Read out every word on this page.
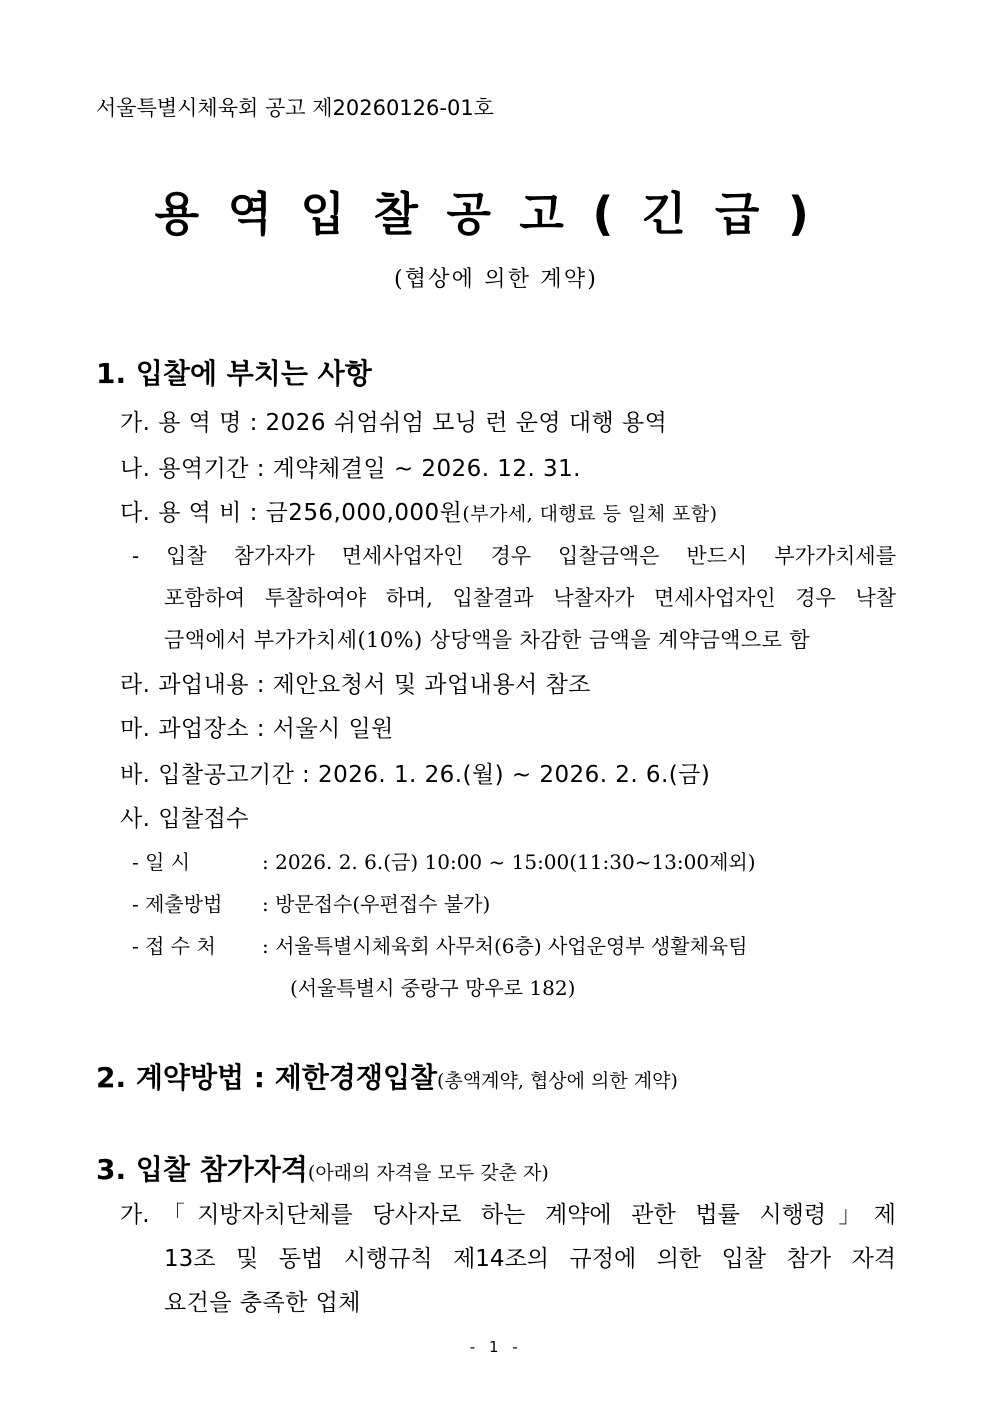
서울특별시체육회 공고 제20260126-01호
용역입찰공고(긴급)
(협상에 의한 계약)
1. 입찰에 부치는 사항
가. 용 역 명 : 2026 쉬엄쉬엄 모닝 런 운영 대행 용역
나. 용역기간 : 계약체결일 ~ 2026. 12. 31.
다. 용 역 비 : 금256,000,000원(부가세, 대행료 등 일체 포함)
- 입찰 참가자가 면세사업자인 경우 입찰금액은 반드시 부가가치세를
포함하여 투찰하여야 하며, 입찰결과 낙찰자가 면세사업자인 경우 낙찰
금액에서 부가가치세(10%) 상당액을 차감한 금액을 계약금액으로 함
라. 과업내용 : 제안요청서 및 과업내용서 참조
마. 과업장소 : 서울시 일원
바. 입찰공고기간 : 2026. 1. 26.(월) ~ 2026. 2. 6.(금)
사. 입찰접수
- 일 시	: 2026. 2. 6.(금) 10:00 ~ 15:00(11:30~13:00제외)
- 제출방법 : 방문접수(우편접수 불가)
- 접 수 처 : 서울특별시체육회 사무처(6층) 사업운영부 생활체육팀
(서울특별시 중랑구 망우로 182)
2. 계약방법 : 제한경쟁입찰(총액계약, 협상에 의한 계약)
3. 입찰 참가자격(아래의 자격을 모두 갖춘 자)
가.「지방자치단체를 당사자로 하는 계약에 관한 법률 시행령」제
13조 및 동법 시행규칙 제14조의 규정에 의한 입찰 참가 자격
요건을 충족한 업체
- 1 -
